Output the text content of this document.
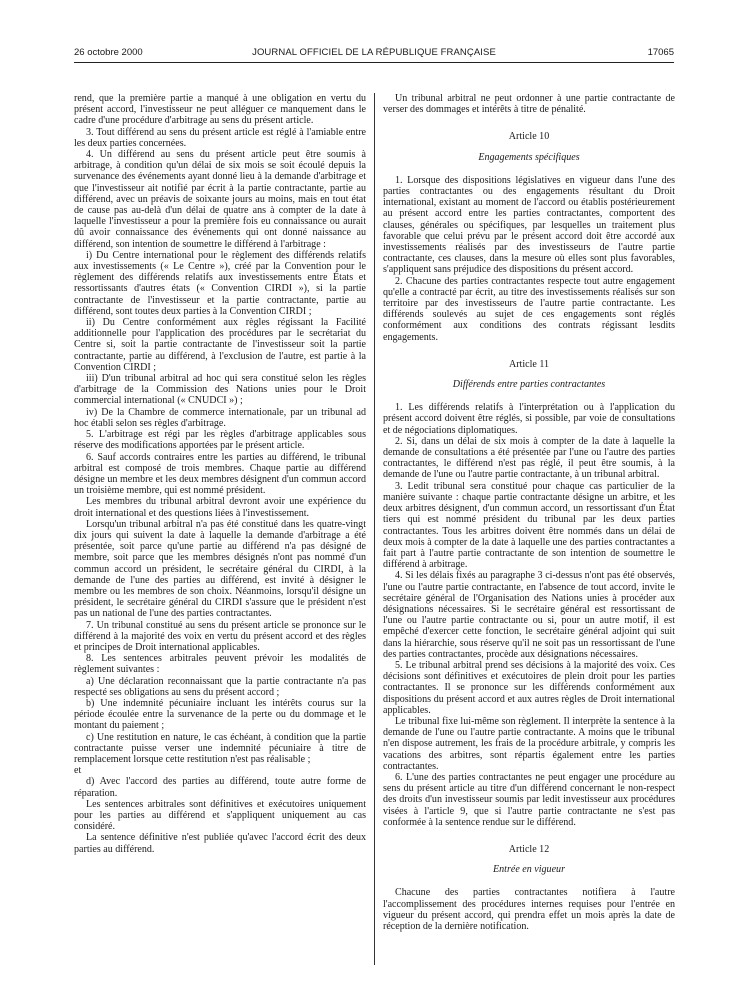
26 octobre 2000	JOURNAL OFFICIEL DE LA RÉPUBLIQUE FRANÇAISE	17065

rend, que la première partie a manqué à une obligation en vertu du présent accord, l'investisseur ne peut alléguer ce manquement dans le cadre d'une procédure d'arbitrage au sens du présent article.

3. Tout différend au sens du présent article est réglé à l'amiable entre les deux parties concernées.

4. Un différend au sens du présent article peut être soumis à arbitrage, à condition qu'un délai de six mois se soit écoulé depuis la survenance des événements ayant donné lieu à la demande d'arbitrage et que l'investisseur ait notifié par écrit à la partie contractante, partie au différend, avec un préavis de soixante jours au moins, mais en tout état de cause pas au-delà d'un délai de quatre ans à compter de la date à laquelle l'investisseur a pour la première fois eu connaissance ou aurait dû avoir connaissance des événements qui ont donné naissance au différend, son intention de soumettre le différend à l'arbitrage :

i) Du Centre international pour le règlement des différends relatifs aux investissements (« Le Centre »), créé par la Convention pour le règlement des différends relatifs aux investissements entre États et ressortissants d'autres états (« Convention CIRDI »), si la partie contractante de l'investisseur et la partie contractante, partie au différend, sont toutes deux parties à la Convention CIRDI ;

ii) Du Centre conformément aux règles régissant la Facilité additionnelle pour l'application des procédures par le secrétariat du Centre si, soit la partie contractante de l'investisseur soit la partie contractante, partie au différend, à l'exclusion de l'autre, est partie à la Convention CIRDI ;

iii) D'un tribunal arbitral ad hoc qui sera constitué selon les règles d'arbitrage de la Commission des Nations unies pour le Droit commercial international (« CNUDCI ») ;

iv) De la Chambre de commerce internationale, par un tribunal ad hoc établi selon ses règles d'arbitrage.

5. L'arbitrage est régi par les règles d'arbitrage applicables sous réserve des modifications apportées par le présent article.

6. Sauf accords contraires entre les parties au différend, le tribunal arbitral est composé de trois membres. Chaque partie au différend désigne un membre et les deux membres désignent d'un commun accord un troisième membre, qui est nommé président.

Les membres du tribunal arbitral devront avoir une expérience du droit international et des questions liées à l'investissement.

Lorsqu'un tribunal arbitral n'a pas été constitué dans les quatre-vingt dix jours qui suivent la date à laquelle la demande d'arbitrage a été présentée, soit parce qu'une partie au différend n'a pas désigné de membre, soit parce que les membres désignés n'ont pas nommé d'un commun accord un président, le secrétaire général du CIRDI, à la demande de l'une des parties au différend, est invité à désigner le membre ou les membres de son choix. Néanmoins, lorsqu'il désigne un président, le secrétaire général du CIRDI s'assure que le président n'est pas un national de l'une des parties contractantes.

7. Un tribunal constitué au sens du présent article se prononce sur le différend à la majorité des voix en vertu du présent accord et des règles et principes de Droit international applicables.

8. Les sentences arbitrales peuvent prévoir les modalités de règlement suivantes :

a) Une déclaration reconnaissant que la partie contractante n'a pas respecté ses obligations au sens du présent accord ;

b) Une indemnité pécuniaire incluant les intérêts courus sur la période écoulée entre la survenance de la perte ou du dommage et le montant du paiement ;

c) Une restitution en nature, le cas échéant, à condition que la partie contractante puisse verser une indemnité pécuniaire à titre de remplacement lorsque cette restitution n'est pas réalisable ;

et

d) Avec l'accord des parties au différend, toute autre forme de réparation.

Les sentences arbitrales sont définitives et exécutoires uniquement pour les parties au différend et s'appliquent uniquement au cas considéré.

La sentence définitive n'est publiée qu'avec l'accord écrit des deux parties au différend.

Un tribunal arbitral ne peut ordonner à une partie contractante de verser des dommages et intérêts à titre de pénalité.

Article 10

Engagements spécifiques

1. Lorsque des dispositions législatives en vigueur dans l'une des parties contractantes ou des engagements résultant du Droit international, existant au moment de l'accord ou établis postérieurement au présent accord entre les parties contractantes, comportent des clauses, générales ou spécifiques, par lesquelles un traitement plus favorable que celui prévu par le présent accord doit être accordé aux investissements réalisés par des investisseurs de l'autre partie contractante, ces clauses, dans la mesure où elles sont plus favorables, s'appliquent sans préjudice des dispositions du présent accord.

2. Chacune des parties contractantes respecte tout autre engagement qu'elle a contracté par écrit, au titre des investissements réalisés sur son territoire par des investisseurs de l'autre partie contractante. Les différends soulevés au sujet de ces engagements sont réglés conformément aux conditions des contrats régissant lesdits engagements.

Article 11

Différends entre parties contractantes

1. Les différends relatifs à l'interprétation ou à l'application du présent accord doivent être réglés, si possible, par voie de consultations et de négociations diplomatiques.

2. Si, dans un délai de six mois à compter de la date à laquelle la demande de consultations a été présentée par l'une ou l'autre des parties contractantes, le différend n'est pas réglé, il peut être soumis, à la demande de l'une ou l'autre partie contractante, à un tribunal arbitral.

3. Ledit tribunal sera constitué pour chaque cas particulier de la manière suivante : chaque partie contractante désigne un arbitre, et les deux arbitres désignent, d'un commun accord, un ressortissant d'un État tiers qui est nommé président du tribunal par les deux parties contractantes. Tous les arbitres doivent être nommés dans un délai de deux mois à compter de la date à laquelle une des parties contractantes a fait part à l'autre partie contractante de son intention de soumettre le différend à arbitrage.

4. Si les délais fixés au paragraphe 3 ci-dessus n'ont pas été observés, l'une ou l'autre partie contractante, en l'absence de tout accord, invite le secrétaire général de l'Organisation des Nations unies à procéder aux désignations nécessaires. Si le secrétaire général est ressortissant de l'une ou l'autre partie contractante ou si, pour un autre motif, il est empêché d'exercer cette fonction, le secrétaire général adjoint qui suit dans la hiérarchie, sous réserve qu'il ne soit pas un ressortissant de l'une des parties contractantes, procède aux désignations nécessaires.

5. Le tribunal arbitral prend ses décisions à la majorité des voix. Ces décisions sont définitives et exécutoires de plein droit pour les parties contractantes. Il se prononce sur les différends conformément aux dispositions du présent accord et aux autres règles de Droit international applicables.

Le tribunal fixe lui-même son règlement. Il interprète la sentence à la demande de l'une ou l'autre partie contractante. A moins que le tribunal n'en dispose autrement, les frais de la procédure arbitrale, y compris les vacations des arbitres, sont répartis également entre les parties contractantes.

6. L'une des parties contractantes ne peut engager une procédure au sens du présent article au titre d'un différend concernant le non-respect des droits d'un investisseur soumis par ledit investisseur aux procédures visées à l'article 9, que si l'autre partie contractante ne s'est pas conformée à la sentence rendue sur le différend.

Article 12

Entrée en vigueur

Chacune des parties contractantes notifiera à l'autre l'accomplissement des procédures internes requises pour l'entrée en vigueur du présent accord, qui prendra effet un mois après la date de réception de la dernière notification.
